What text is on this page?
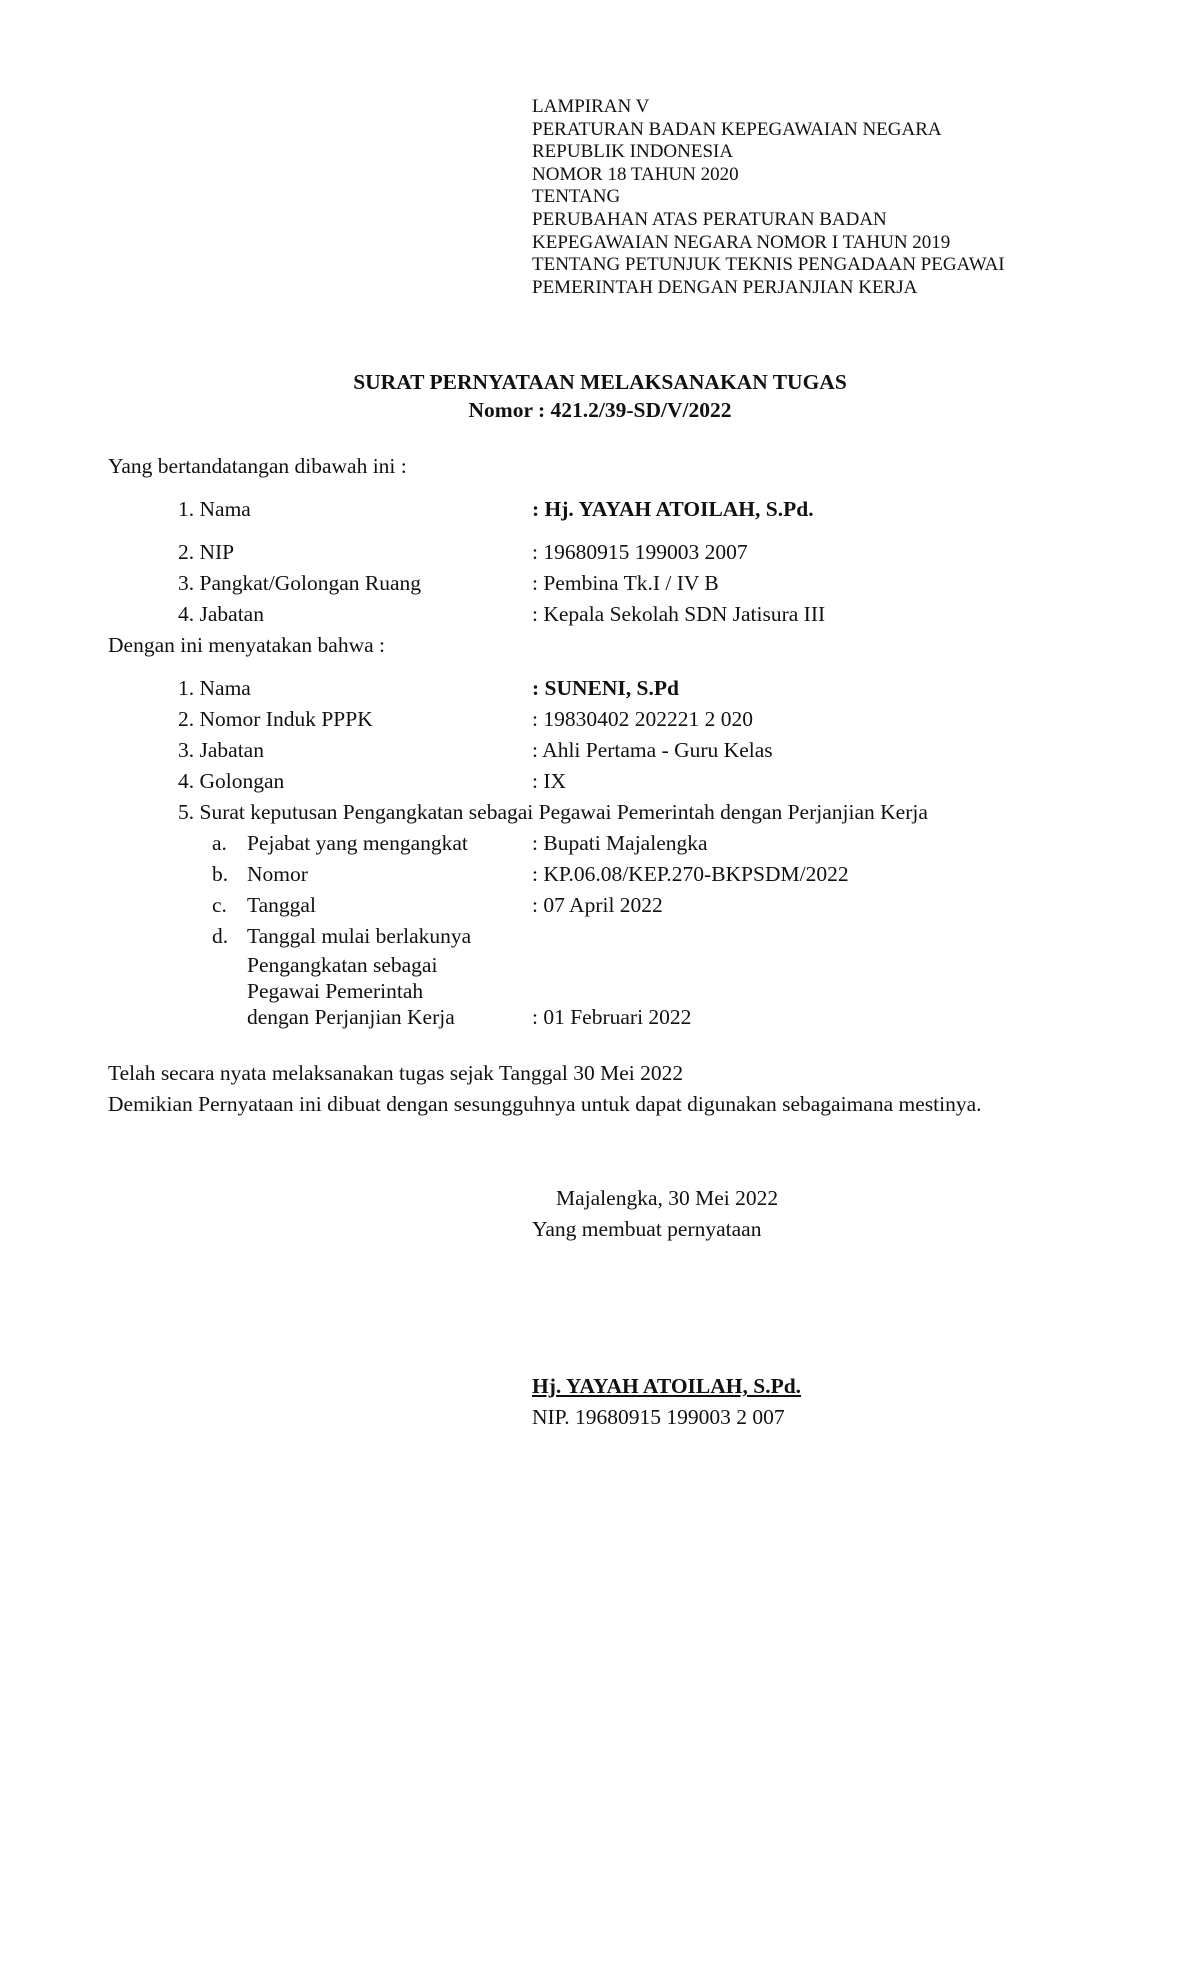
LAMPIRAN V
PERATURAN BADAN KEPEGAWAIAN NEGARA
REPUBLIK INDONESIA
NOMOR 18 TAHUN 2020
TENTANG
PERUBAHAN ATAS PERATURAN BADAN
KEPEGAWAIAN NEGARA NOMOR I TAHUN 2019
TENTANG PETUNJUK TEKNIS PENGADAAN PEGAWAI
PEMERINTAH DENGAN PERJANJIAN KERJA
SURAT PERNYATAAN MELAKSANAKAN TUGAS
Nomor : 421.2/39-SD/V/2022
Yang bertandatangan dibawah ini :
1. Nama	: Hj. YAYAH ATOILAH, S.Pd.
2. NIP	: 19680915 199003 2007
3. Pangkat/Golongan Ruang	: Pembina Tk.I / IV B
4. Jabatan	: Kepala Sekolah SDN Jatisura III
Dengan ini menyatakan bahwa :
1. Nama	: SUNENI, S.Pd
2. Nomor Induk PPPK	: 19830402 202221 2 020
3. Jabatan	: Ahli Pertama - Guru Kelas
4. Golongan	: IX
5. Surat keputusan Pengangkatan sebagai Pegawai Pemerintah dengan Perjanjian Kerja
a. Pejabat yang mengangkat	: Bupati Majalengka
b. Nomor	: KP.06.08/KEP.270-BKPSDM/2022
c. Tanggal	: 07 April 2022
d. Tanggal mulai berlakunya
Pengangkatan sebagai
Pegawai Pemerintah
dengan Perjanjian Kerja	: 01 Februari 2022
Telah secara nyata melaksanakan tugas sejak Tanggal 30 Mei 2022
Demikian Pernyataan ini dibuat dengan sesungguhnya untuk dapat digunakan sebagaimana mestinya.
Majalengka, 30 Mei 2022
Yang membuat pernyataan
Hj. YAYAH ATOILAH, S.Pd.
NIP. 19680915 199003 2 007
